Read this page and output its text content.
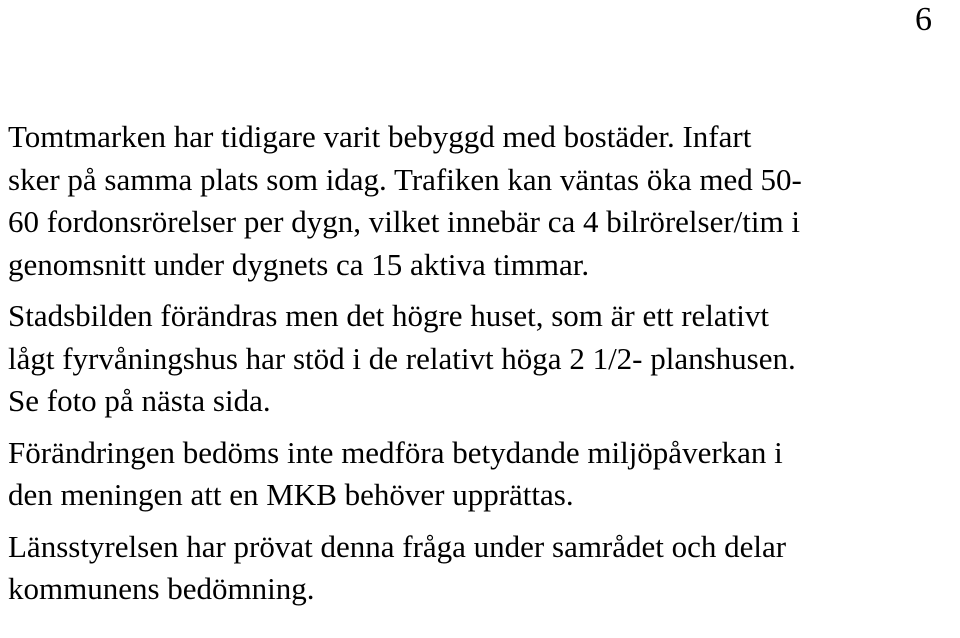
6

Tomtmarken har tidigare varit bebyggd med bostäder. Infart
sker på samma plats som idag. Trafiken kan väntas öka med 50-
60 fordonsrörelser per dygn, vilket innebär ca 4 bilrörelser/tim i
genomsnitt under dygnets ca 15 aktiva timmar.

Stadsbilden förändras men det högre huset, som är ett relativt
lågt fyrvåningshus har stöd i de relativt höga 2 1/2- planshusen.
Se foto på nästa sida.

Förändringen bedöms inte medföra betydande miljöpåverkan i
den meningen att en MKB behöver upprättas.

Länsstyrelsen har prövat denna fråga under samrådet och delar
kommunens bedömning.
